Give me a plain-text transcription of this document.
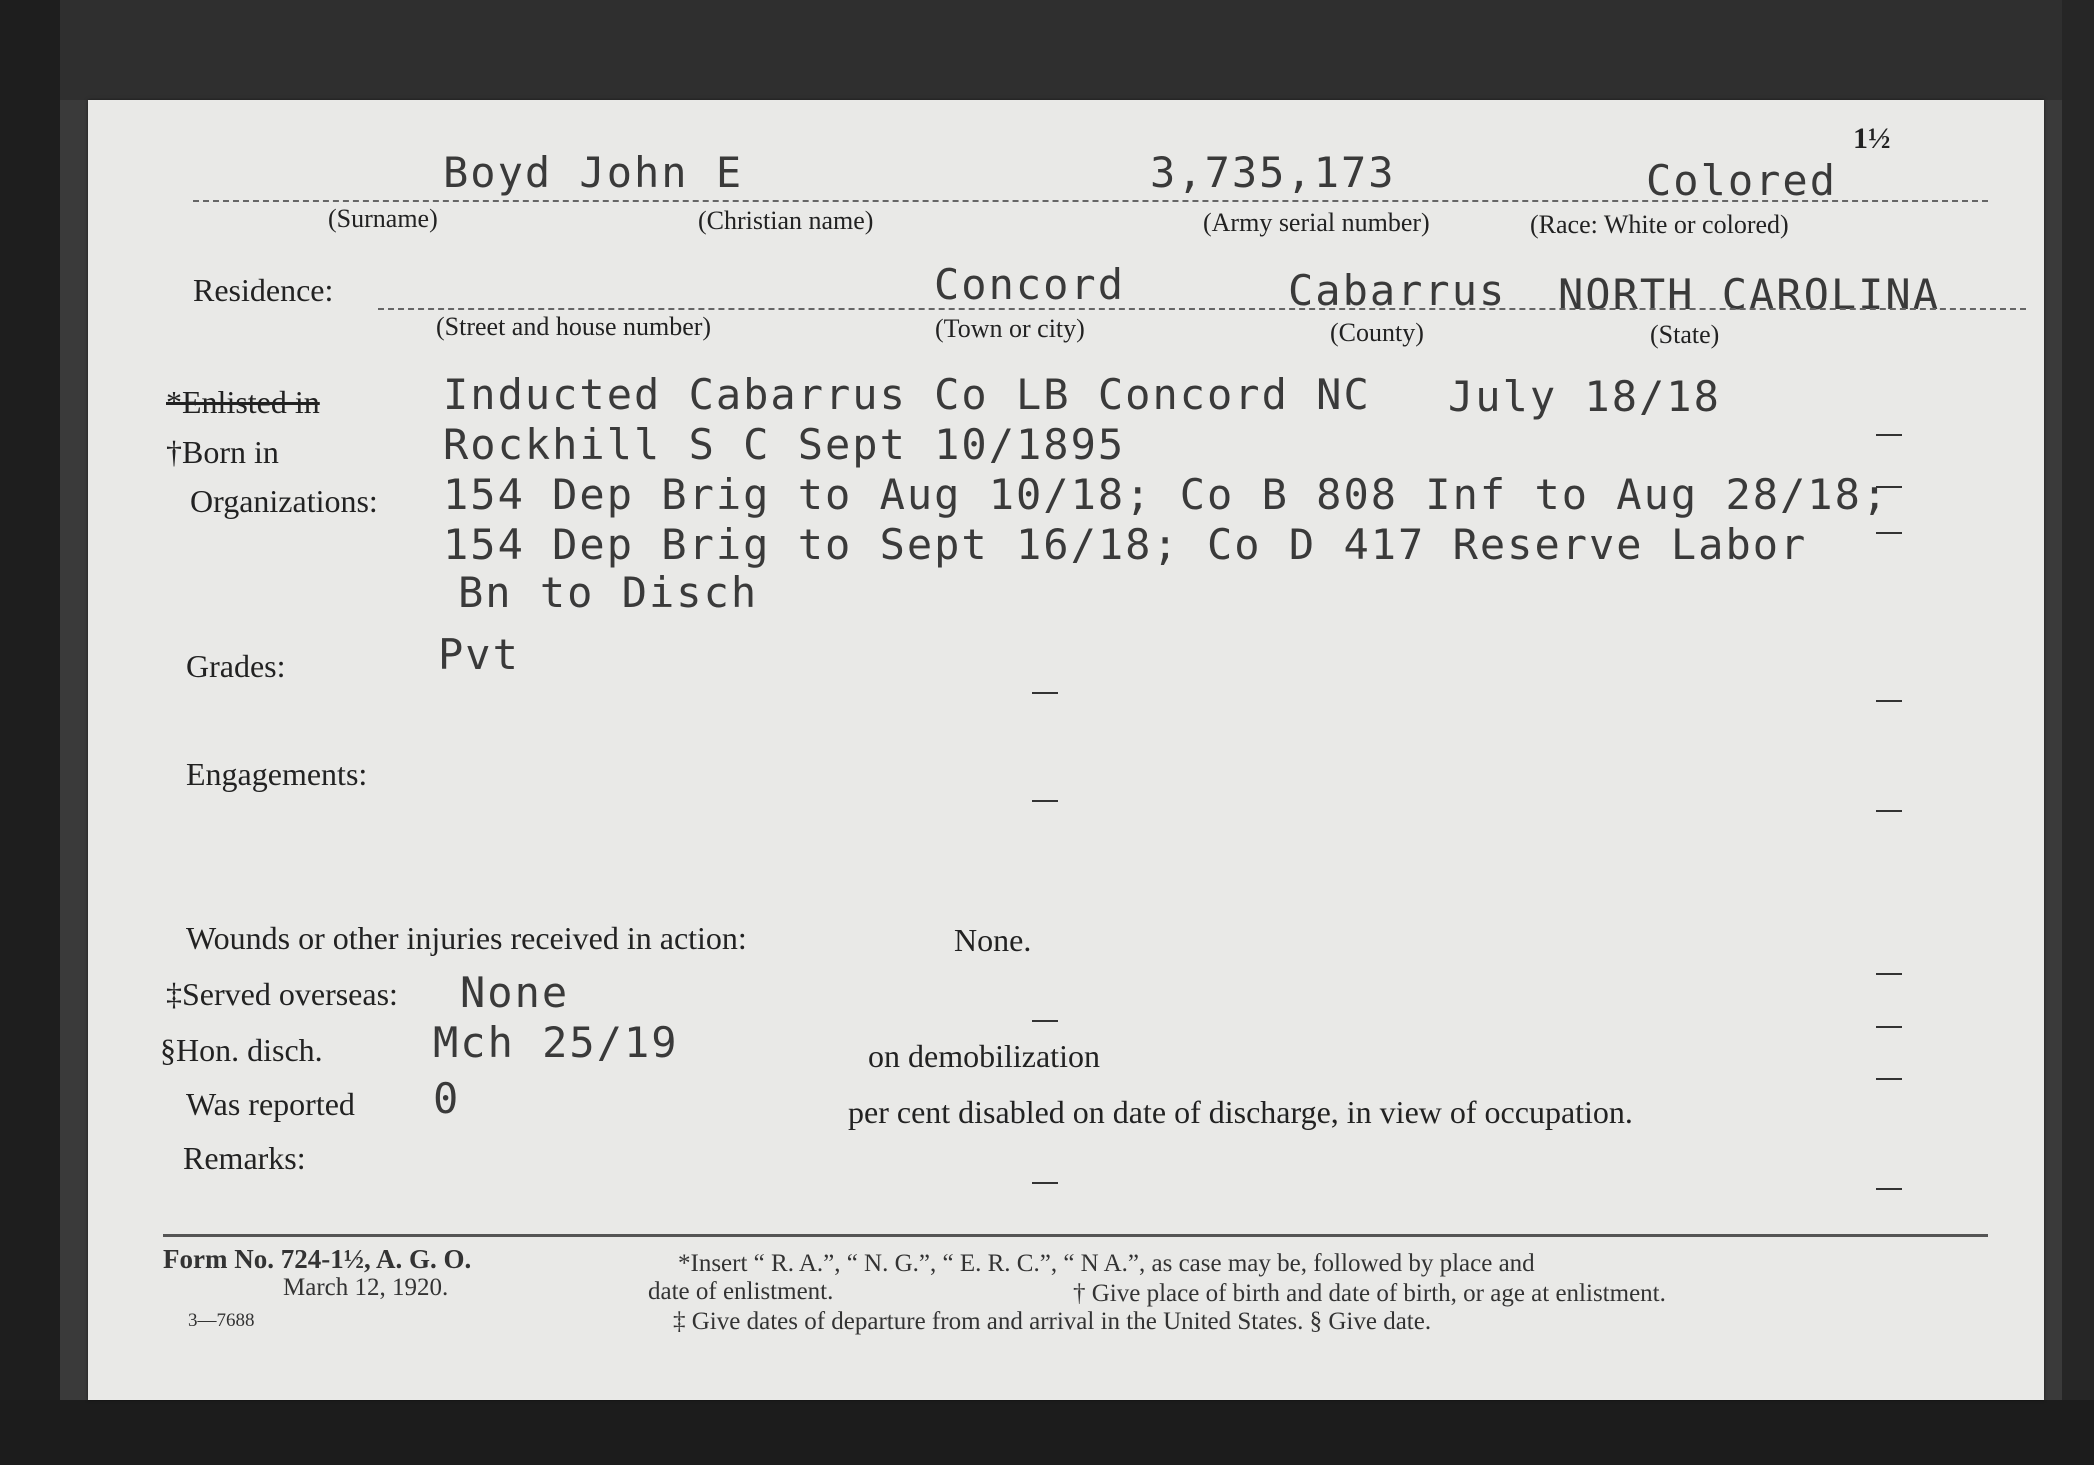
1½
Boyd John E	3,735,173	Colored
(Surname)	(Christian name)	(Army serial number)	(Race: White or colored)
Residence:	Concord	Cabarrus NORTH CAROLINA
(Street and house number)	(Town or city)	(County)	(State)
*Enlisted in	Inducted Cabarrus Co LB Concord NC July 18/18
†Born in	Rockhill S C Sept 10/1895
Organizations: 154 Dep Brig to Aug 10/18; Co B 808 Inf to Aug 28/18;
154 Dep Brig to Sept 16/18; Co D 417 Reserve Labor
Bn to Disch
Grades:	Pvt
Engagements:
Wounds or other injuries received in action:	None.
‡Served overseas: None
§Hon. disch.	Mch 25/19	on demobilization
Was reported 0	per cent disabled on date of discharge, in view of occupation.
Remarks:
Form No. 724-1½, A. G. O.
March 12, 1920.
3—7688
*Insert “ R. A.”, “ N. G.”, “ E. R. C.”, “ N A.”, as case may be, followed by place and
date of enlistment.	† Give place of birth and date of birth, or age at enlistment.
‡ Give dates of departure from and arrival in the United States. § Give date.
